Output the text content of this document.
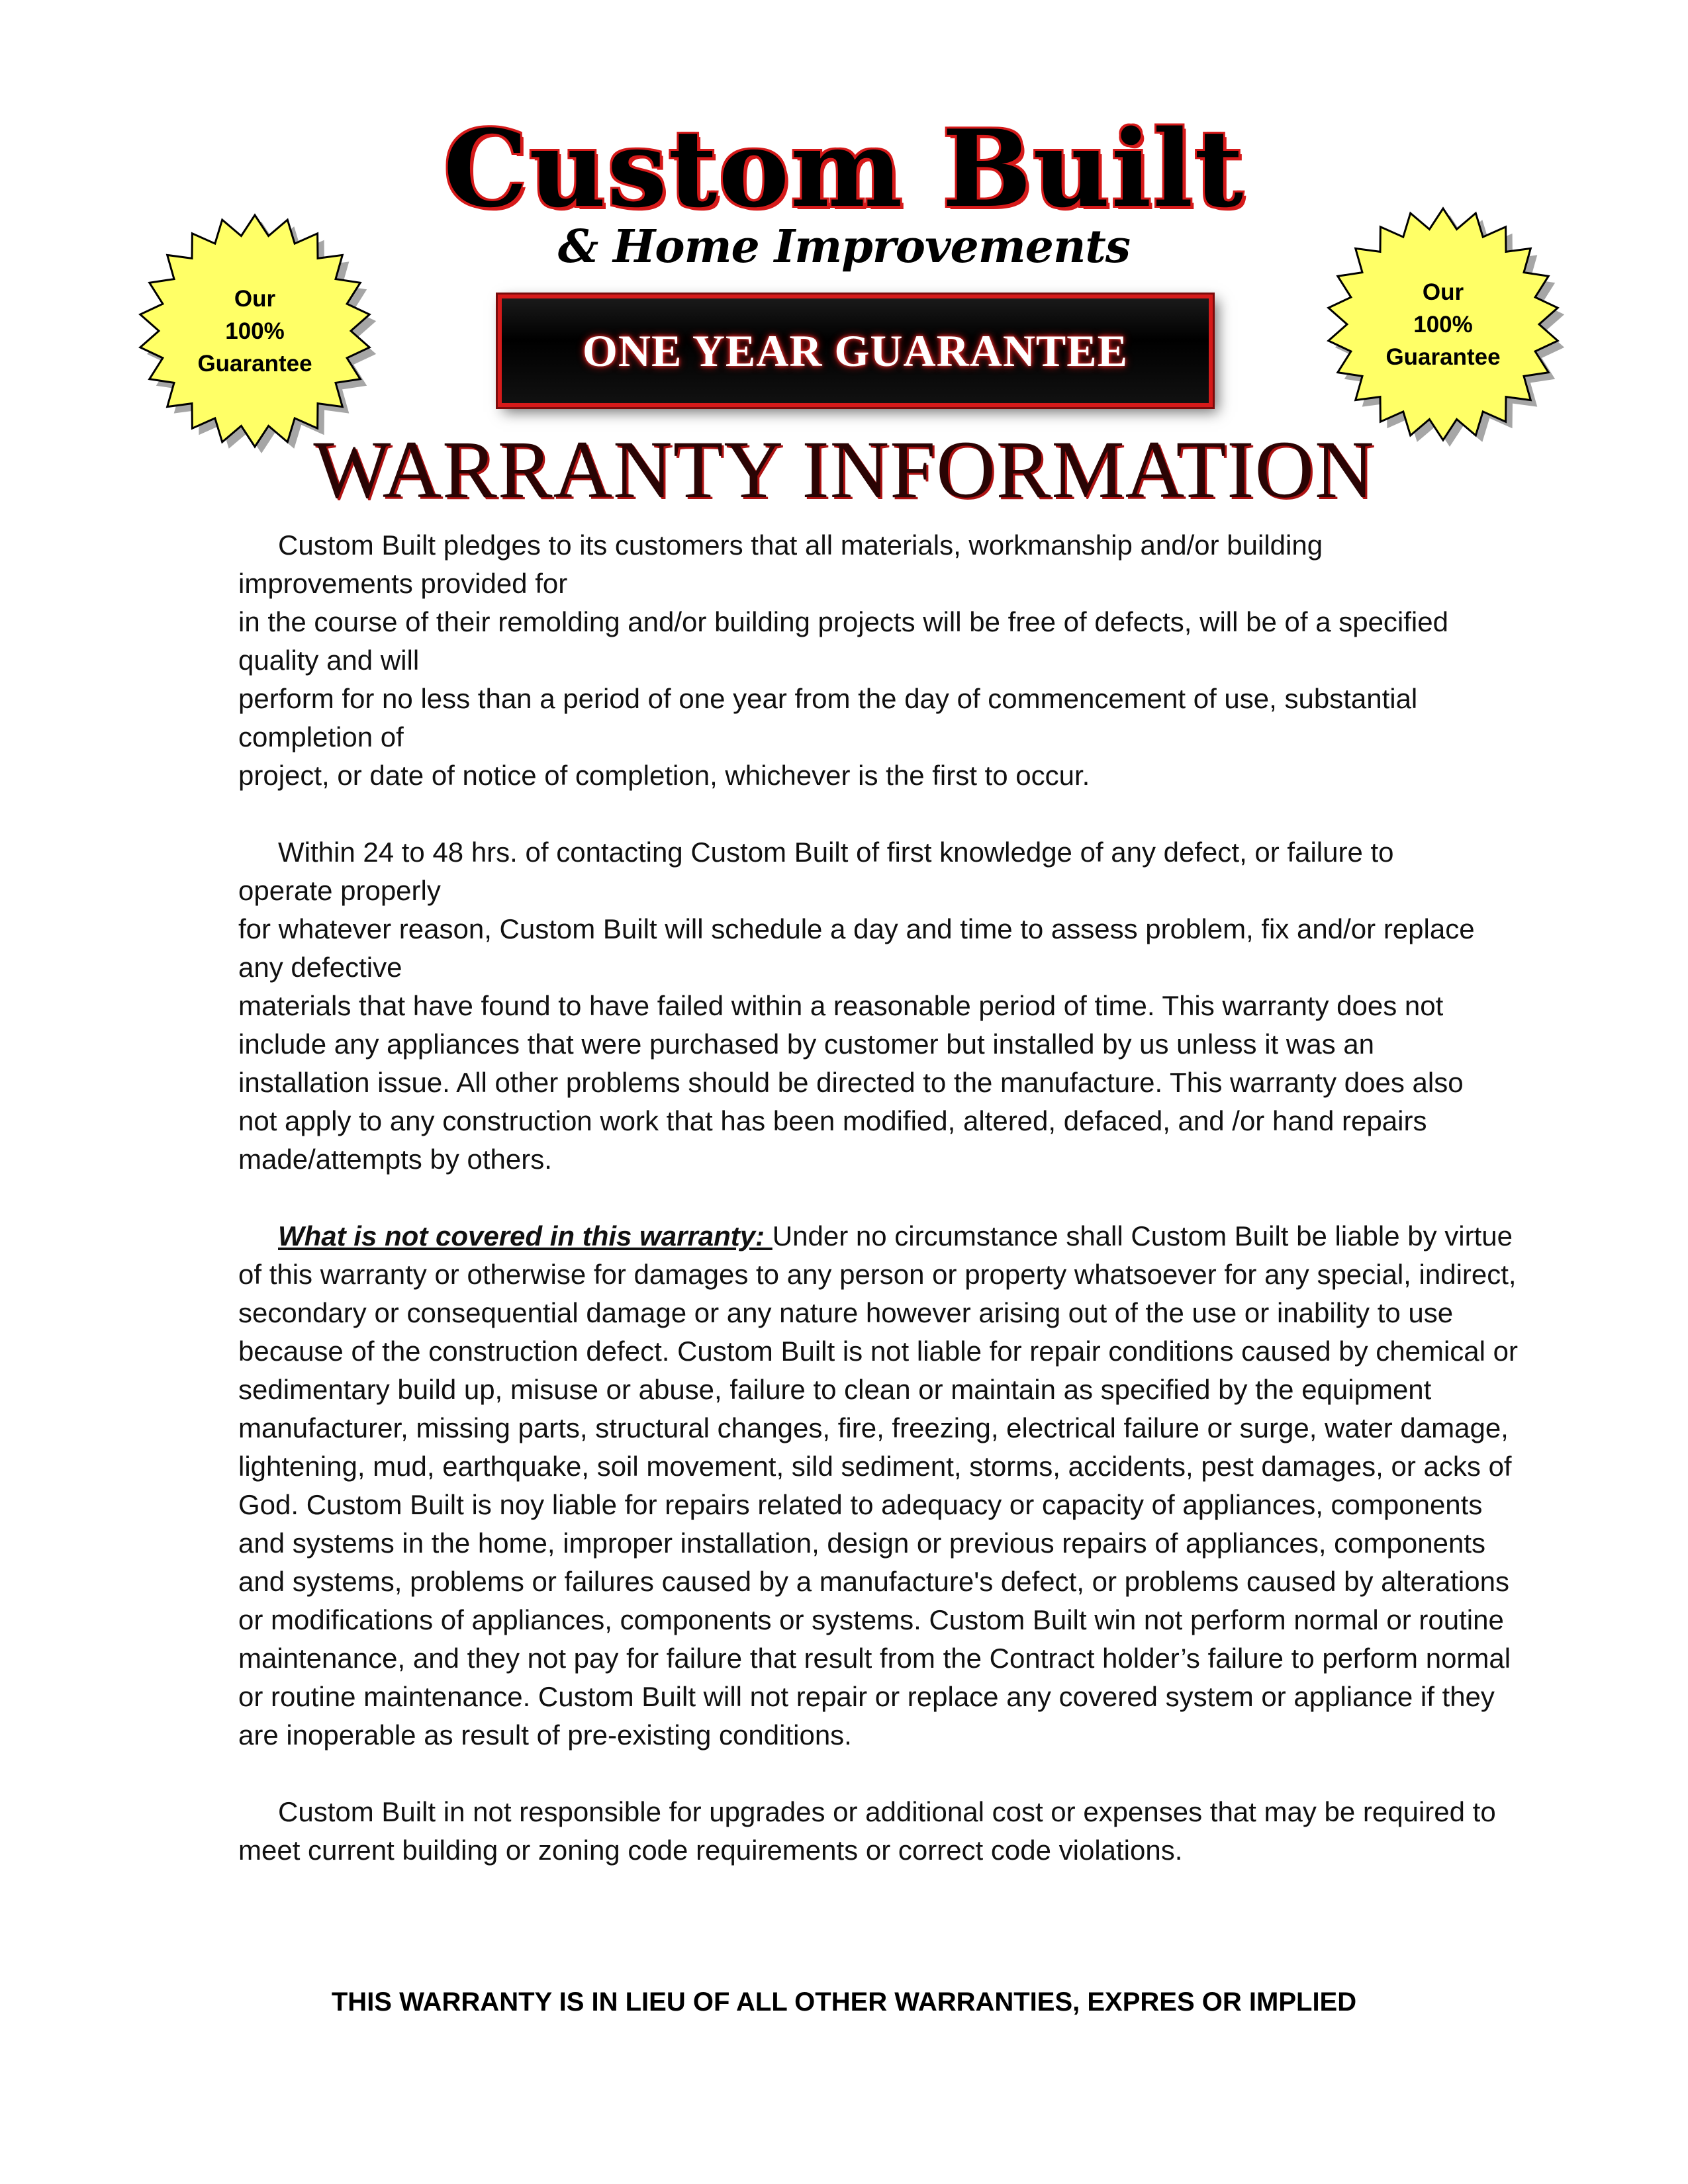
Custom Built
& Home Improvements
Our
100%
Guarantee
Our
100%
Guarantee
ONE YEAR GUARANTEE
WARRANTY INFORMATION

Custom Built pledges to its customers that all materials, workmanship and/or building
improvements provided for
in the course of their remolding and/or building projects will be free of defects, will be of a specified
quality and will
perform for no less than a period of one year from the day of commencement of use, substantial
completion of
project, or date of notice of completion, whichever is the first to occur.

Within 24 to 48 hrs. of contacting Custom Built of first knowledge of any defect, or failure to
operate properly
for whatever reason, Custom Built will schedule a day and time to assess problem, fix and/or replace
any defective
materials that have found to have failed within a reasonable period of time. This warranty does not
include any appliances that were purchased by customer but installed by us unless it was an
installation issue. All other problems should be directed to the manufacture. This warranty does also
not apply to any construction work that has been modified, altered, defaced, and /or hand repairs
made/attempts by others.

What is not covered in this warranty: Under no circumstance shall Custom Built be liable by virtue of this warranty or otherwise for damages to any person or property whatsoever for any special, indirect, secondary or consequential damage or any nature however arising out of the use or inability to use because of the construction defect. Custom Built is not liable for repair conditions caused by chemical or sedimentary build up, misuse or abuse, failure to clean or maintain as specified by the equipment manufacturer, missing parts, structural changes, fire, freezing, electrical failure or surge, water damage, lightening, mud, earthquake, soil movement, sild sediment, storms, accidents, pest damages, or acks of God. Custom Built is noy liable for repairs related to adequacy or capacity of appliances, components and systems in the home, improper installation, design or previous repairs of appliances, components and systems, problems or failures caused by a manufacture's defect, or problems caused by alterations or modifications of appliances, components or systems. Custom Built win not perform normal or routine maintenance, and they not pay for failure that result from the Contract holder’s failure to perform normal or routine maintenance. Custom Built will not repair or replace any covered system or appliance if they are inoperable as result of pre-existing conditions.

Custom Built in not responsible for upgrades or additional cost or expenses that may be required to meet current building or zoning code requirements or correct code violations.

THIS WARRANTY IS IN LIEU OF ALL OTHER WARRANTIES, EXPRES OR IMPLIED
